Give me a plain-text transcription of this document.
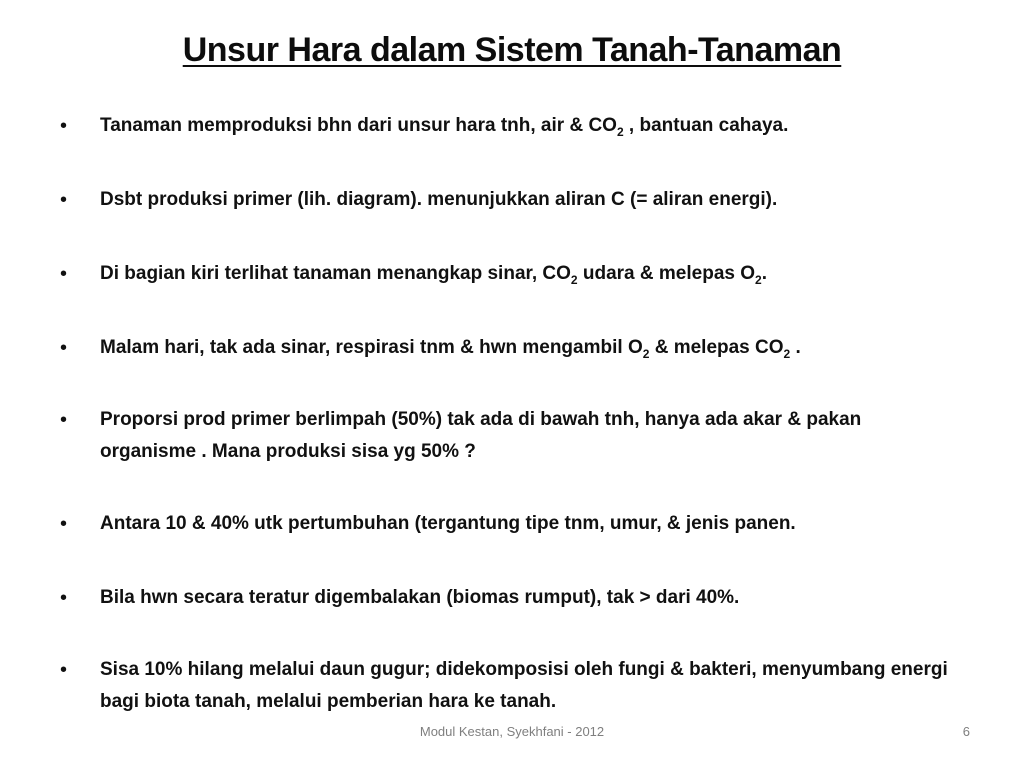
Unsur Hara dalam Sistem Tanah-Tanaman
•	Tanaman memproduksi bhn dari unsur hara tnh, air & $CO_2$ , bantuan cahaya.
•	Dsbt produksi primer (lih. diagram). menunjukkan aliran C (= aliran energi).
•	Di bagian kiri terlihat tanaman menangkap sinar, $CO_2$ udara & melepas $O_2$.
•	Malam hari, tak ada sinar, respirasi tnm & hwn mengambil $O_2$ & melepas $CO_2$ .
•	Proporsi prod primer berlimpah (50%) tak ada di bawah tnh, hanya ada akar & pakan organisme . Mana produksi sisa yg 50% ?
•	Antara 10 & 40% utk pertumbuhan (tergantung tipe tnm, umur, & jenis panen.
•	Bila hwn secara teratur digembalakan (biomas rumput), tak > dari 40%.
•	Sisa 10% hilang melalui daun gugur; didekomposisi oleh fungi & bakteri, menyumbang energi bagi biota tanah, melalui pemberian hara ke tanah.
Modul Kestan, Syekhfani - 2012	6
